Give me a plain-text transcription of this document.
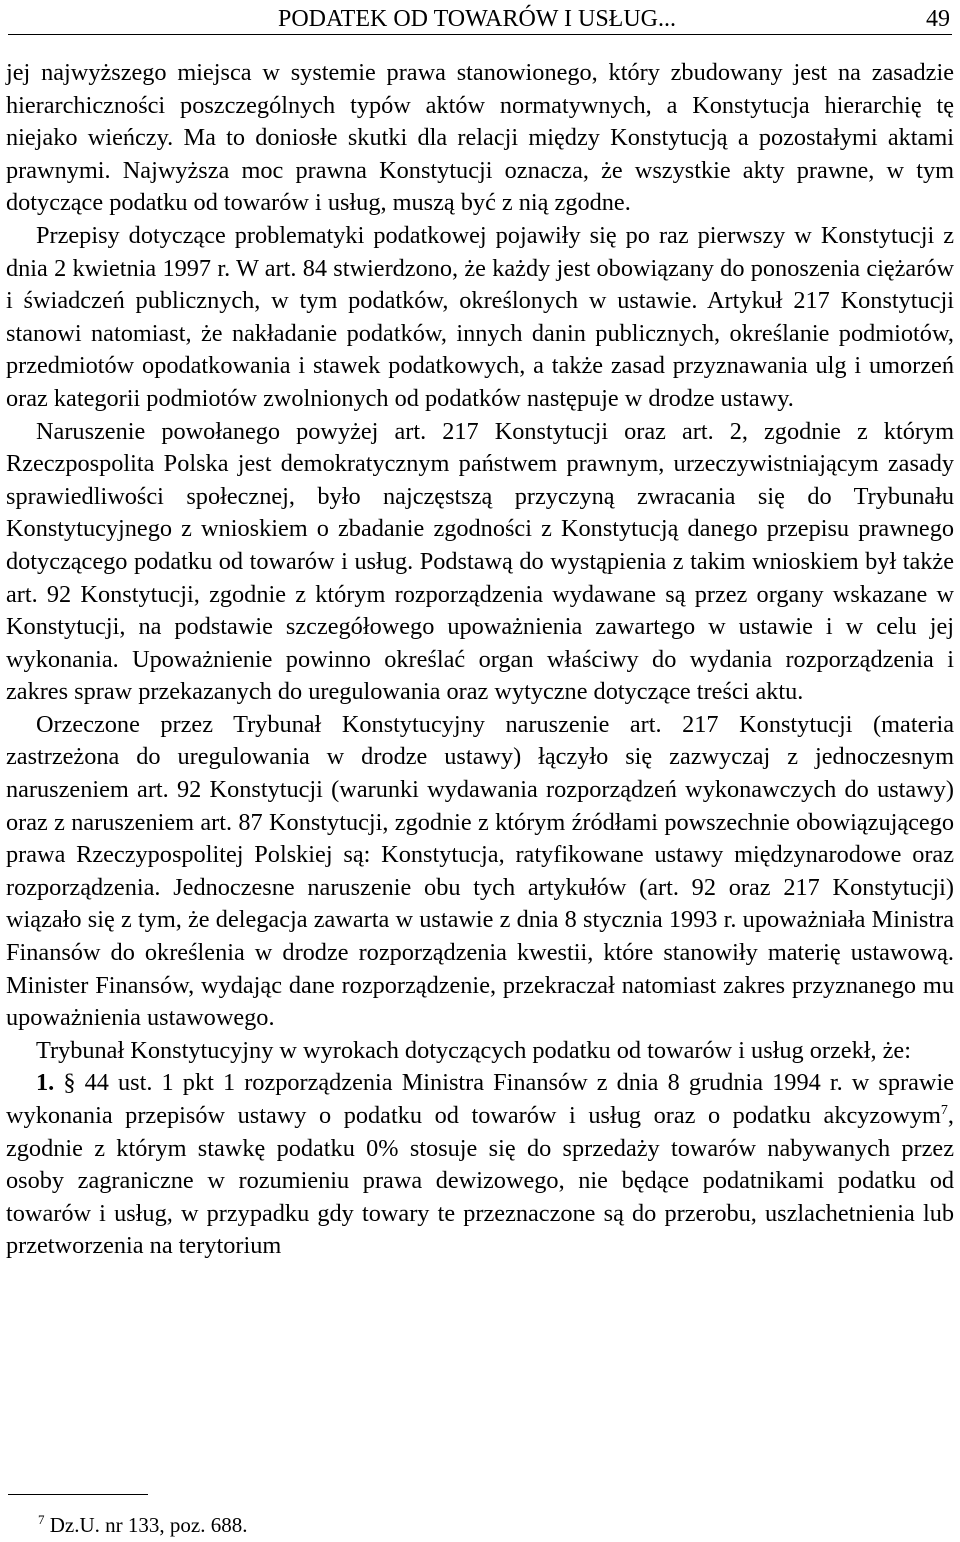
PODATEK OD TOWARÓW I USŁUG...	49

jej najwyższego miejsca w systemie prawa stanowionego, który zbudowany jest na zasadzie hierarchiczności poszczególnych typów aktów normatywnych, a Konstytucja hierarchię tę niejako wieńczy. Ma to doniosłe skutki dla relacji między Konstytucją a pozostałymi aktami prawnymi. Najwyższa moc prawna Konstytucji oznacza, że wszystkie akty prawne, w tym dotyczące podatku od towarów i usług, muszą być z nią zgodne.

Przepisy dotyczące problematyki podatkowej pojawiły się po raz pierwszy w Konstytucji z dnia 2 kwietnia 1997 r. W art. 84 stwierdzono, że każdy jest obowiązany do ponoszenia ciężarów i świadczeń publicznych, w tym podatków, określonych w ustawie. Artykuł 217 Konstytucji stanowi natomiast, że nakładanie podatków, innych danin publicznych, określanie podmiotów, przedmiotów opodatkowania i stawek podatkowych, a także zasad przyznawania ulg i umorzeń oraz kategorii podmiotów zwolnionych od podatków następuje w drodze ustawy.

Naruszenie powołanego powyżej art. 217 Konstytucji oraz art. 2, zgodnie z którym Rzeczpospolita Polska jest demokratycznym państwem prawnym, urzeczywistniającym zasady sprawiedliwości społecznej, było najczęstszą przyczyną zwracania się do Trybunału Konstytucyjnego z wnioskiem o zbadanie zgodności z Konstytucją danego przepisu prawnego dotyczącego podatku od towarów i usług. Podstawą do wystąpienia z takim wnioskiem był także art. 92 Konstytucji, zgodnie z którym rozporządzenia wydawane są przez organy wskazane w Konstytucji, na podstawie szczegółowego upoważnienia zawartego w ustawie i w celu jej wykonania. Upoważnienie powinno określać organ właściwy do wydania rozporządzenia i zakres spraw przekazanych do uregulowania oraz wytyczne dotyczące treści aktu.

Orzeczone przez Trybunał Konstytucyjny naruszenie art. 217 Konstytucji (materia zastrzeżona do uregulowania w drodze ustawy) łączyło się zazwyczaj z jednoczesnym naruszeniem art. 92 Konstytucji (warunki wydawania rozporządzeń wykonawczych do ustawy) oraz z naruszeniem art. 87 Konstytucji, zgodnie z którym źródłami powszechnie obowiązującego prawa Rzeczypospolitej Polskiej są: Konstytucja, ratyfikowane ustawy międzynarodowe oraz rozporządzenia. Jednoczesne naruszenie obu tych artykułów (art. 92 oraz 217 Konstytucji) wiązało się z tym, że delegacja zawarta w ustawie z dnia 8 stycznia 1993 r. upoważniała Ministra Finansów do określenia w drodze rozporządzenia kwestii, które stanowiły materię ustawową. Minister Finansów, wydając dane rozporządzenie, przekraczał natomiast zakres przyznanego mu upoważnienia ustawowego.

Trybunał Konstytucyjny w wyrokach dotyczących podatku od towarów i usług orzekł, że:

1. § 44 ust. 1 pkt 1 rozporządzenia Ministra Finansów z dnia 8 grudnia 1994 r. w sprawie wykonania przepisów ustawy o podatku od towarów i usług oraz o podatku akcyzowym$^7$, zgodnie z którym stawkę podatku 0% stosuje się do sprzedaży towarów nabywanych przez osoby zagraniczne w rozumieniu prawa dewizowego, nie będące podatnikami podatku od towarów i usług, w przypadku gdy towary te przeznaczone są do przerobu, uszlachetnienia lub przetworzenia na terytorium

$^7$ Dz.U. nr 133, poz. 688.
